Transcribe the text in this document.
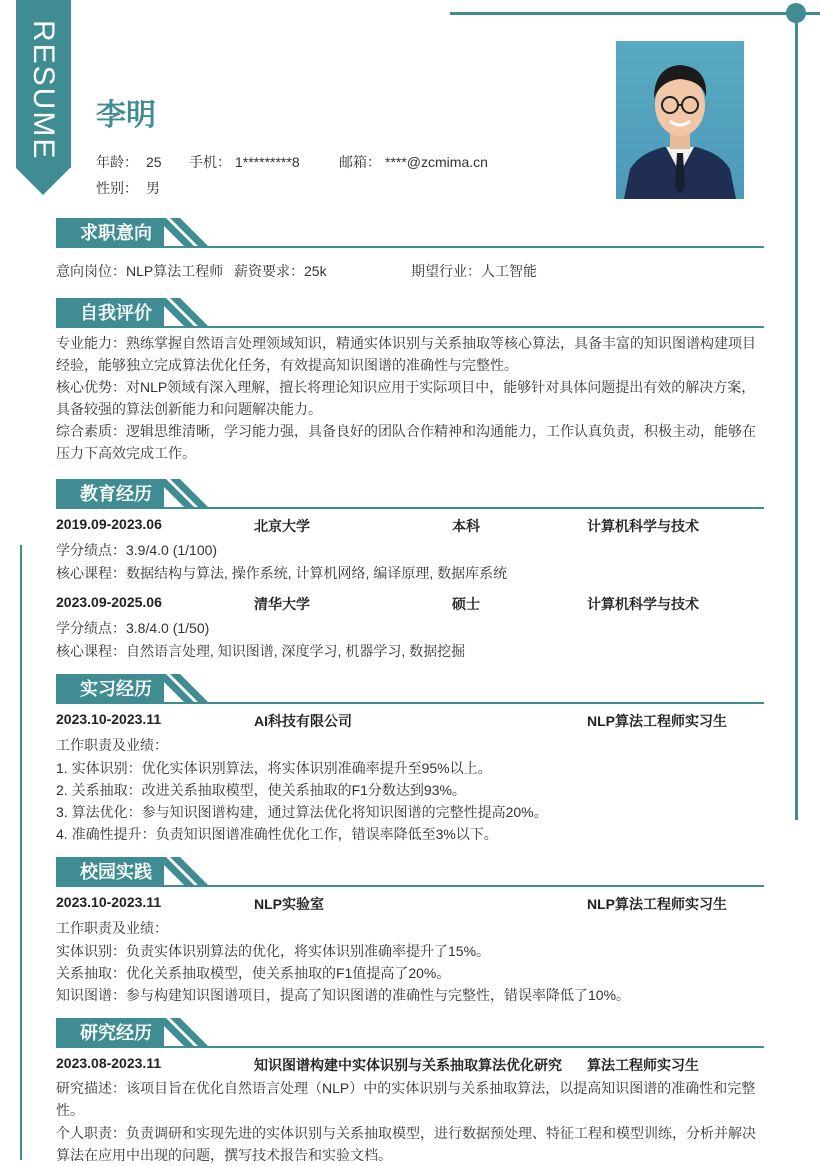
RESUME 李明
年龄： 25 手机： 1*********8	邮箱： ****@zcmima.cn
性别： 男
求职意向
意向岗位：NLP算法工程师 薪资要求：25k	期望行业：人工智能
自我评价
专业能力：熟练掌握自然语言处理领域知识，精通实体识别与关系抽取等核心算法，具备丰富的知识图谱构建项目经验，能够独立完成算法优化任务，有效提高知识图谱的准确性与完整性。
核心优势：对NLP领域有深入理解，擅长将理论知识应用于实际项目中，能够针对具体问题提出有效的解决方案，具备较强的算法创新能力和问题解决能力。
综合素质：逻辑思维清晰，学习能力强，具备良好的团队合作精神和沟通能力，工作认真负责，积极主动，能够在压力下高效完成工作。
教育经历
2019.09-2023.06	北京大学	本科	计算机科学与技术
学分绩点：3.9/4.0 (1/100)
核心课程：数据结构与算法, 操作系统, 计算机网络, 编译原理, 数据库系统
2023.09-2025.06	清华大学	硕士	计算机科学与技术
学分绩点：3.8/4.0 (1/50)
核心课程：自然语言处理, 知识图谱, 深度学习, 机器学习, 数据挖掘
实习经历
2023.10-2023.11	AI科技有限公司	NLP算法工程师实习生
工作职责及业绩：
1. 实体识别：优化实体识别算法，将实体识别准确率提升至95%以上。
2. 关系抽取：改进关系抽取模型，使关系抽取的F1分数达到93%。
3. 算法优化：参与知识图谱构建，通过算法优化将知识图谱的完整性提高20%。
4. 准确性提升：负责知识图谱准确性优化工作，错误率降低至3%以下。
校园实践
2023.10-2023.11	NLP实验室	NLP算法工程师实习生
工作职责及业绩：
实体识别：负责实体识别算法的优化，将实体识别准确率提升了15%。
关系抽取：优化关系抽取模型，使关系抽取的F1值提高了20%。
知识图谱：参与构建知识图谱项目，提高了知识图谱的准确性与完整性，错误率降低了10%。
研究经历
2023.08-2023.11	知识图谱构建中实体识别与关系抽取算法优化研究 算法工程师实习生
研究描述：该项目旨在优化自然语言处理（NLP）中的实体识别与关系抽取算法，以提高知识图谱的准确性和完整性。
个人职责：负责调研和实现先进的实体识别与关系抽取模型，进行数据预处理、特征工程和模型训练，分析并解决算法在应用中出现的问题，撰写技术报告和实验文档。
